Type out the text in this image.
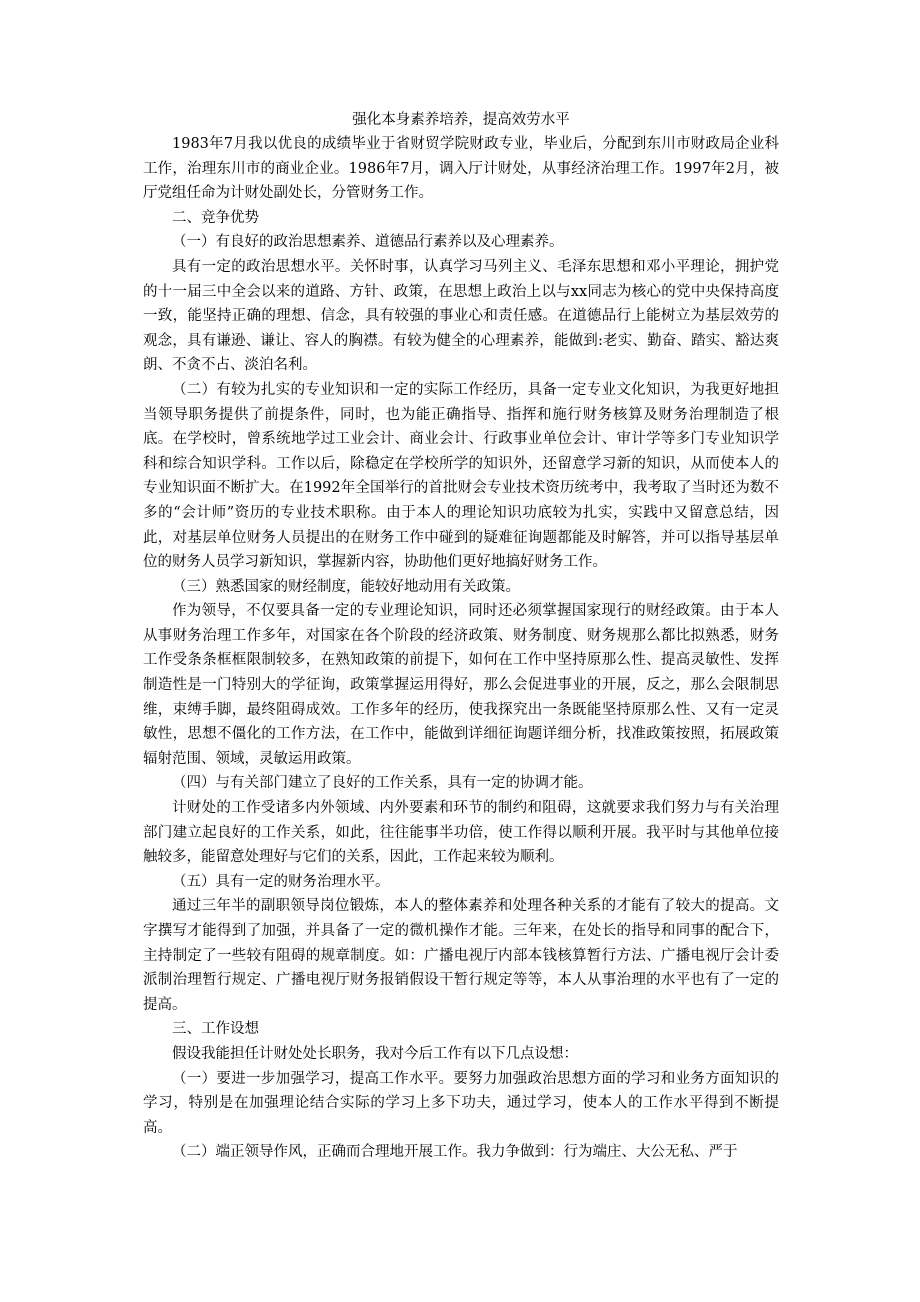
强化本身素养培养，提高效劳水平

1983年7月我以优良的成绩毕业于省财贸学院财政专业，毕业后，分配到东川市财政局企业科工作，治理东川市的商业企业。1986年7月，调入厅计财处，从事经济治理工作。1997年2月，被厅党组任命为计财处副处长，分管财务工作。

二、竞争优势

（一）有良好的政治思想素养、道德品行素养以及心理素养。

具有一定的政治思想水平。关怀时事，认真学习马列主义、毛泽东思想和邓小平理论，拥护党的十一届三中全会以来的道路、方针、政策，在思想上政治上以与xx同志为核心的党中央保持高度一致，能坚持正确的理想、信念，具有较强的事业心和责任感。在道德品行上能树立为基层效劳的观念，具有谦逊、谦让、容人的胸襟。有较为健全的心理素养，能做到:老实、勤奋、踏实、豁达爽朗、不贪不占、淡泊名利。

（二）有较为扎实的专业知识和一定的实际工作经历，具备一定专业文化知识，为我更好地担当领导职务提供了前提条件，同时，也为能正确指导、指挥和施行财务核算及财务治理制造了根底。在学校时，曾系统地学过工业会计、商业会计、行政事业单位会计、审计学等多门专业知识学科和综合知识学科。工作以后，除稳定在学校所学的知识外，还留意学习新的知识，从而使本人的专业知识面不断扩大。在1992年全国举行的首批财会专业技术资历统考中，我考取了当时还为数不多的“会计师”资历的专业技术职称。由于本人的理论知识功底较为扎实，实践中又留意总结，因此，对基层单位财务人员提出的在财务工作中碰到的疑难征询题都能及时解答，并可以指导基层单位的财务人员学习新知识，掌握新内容，协助他们更好地搞好财务工作。

（三）熟悉国家的财经制度，能较好地动用有关政策。

作为领导，不仅要具备一定的专业理论知识，同时还必须掌握国家现行的财经政策。由于本人从事财务治理工作多年，对国家在各个阶段的经济政策、财务制度、财务规那么都比拟熟悉，财务工作受条条框框限制较多，在熟知政策的前提下，如何在工作中坚持原那么性、提高灵敏性、发挥制造性是一门特别大的学征询，政策掌握运用得好，那么会促进事业的开展，反之，那么会限制思维，束缚手脚，最终阻碍成效。工作多年的经历，使我探究出一条既能坚持原那么性、又有一定灵敏性，思想不僵化的工作方法，在工作中，能做到详细征询题详细分析，找准政策按照，拓展政策辐射范围、领域，灵敏运用政策。

（四）与有关部门建立了良好的工作关系，具有一定的协调才能。

计财处的工作受诸多内外领域、内外要素和环节的制约和阻碍，这就要求我们努力与有关治理部门建立起良好的工作关系，如此，往往能事半功倍，使工作得以顺利开展。我平时与其他单位接触较多，能留意处理好与它们的关系，因此，工作起来较为顺利。

（五）具有一定的财务治理水平。

通过三年半的副职领导岗位锻炼，本人的整体素养和处理各种关系的才能有了较大的提高。文字撰写才能得到了加强，并具备了一定的微机操作才能。三年来，在处长的指导和同事的配合下，主持制定了一些较有阻碍的规章制度。如：广播电视厅内部本钱核算暂行方法、广播电视厅会计委派制治理暂行规定、广播电视厅财务报销假设干暂行规定等等，本人从事治理的水平也有了一定的提高。

三、工作设想

假设我能担任计财处处长职务，我对今后工作有以下几点设想：

（一）要进一步加强学习，提高工作水平。要努力加强政治思想方面的学习和业务方面知识的学习，特别是在加强理论结合实际的学习上多下功夫，通过学习，使本人的工作水平得到不断提高。

（二）端正领导作风，正确而合理地开展工作。我力争做到：行为端庄、大公无私、严于
